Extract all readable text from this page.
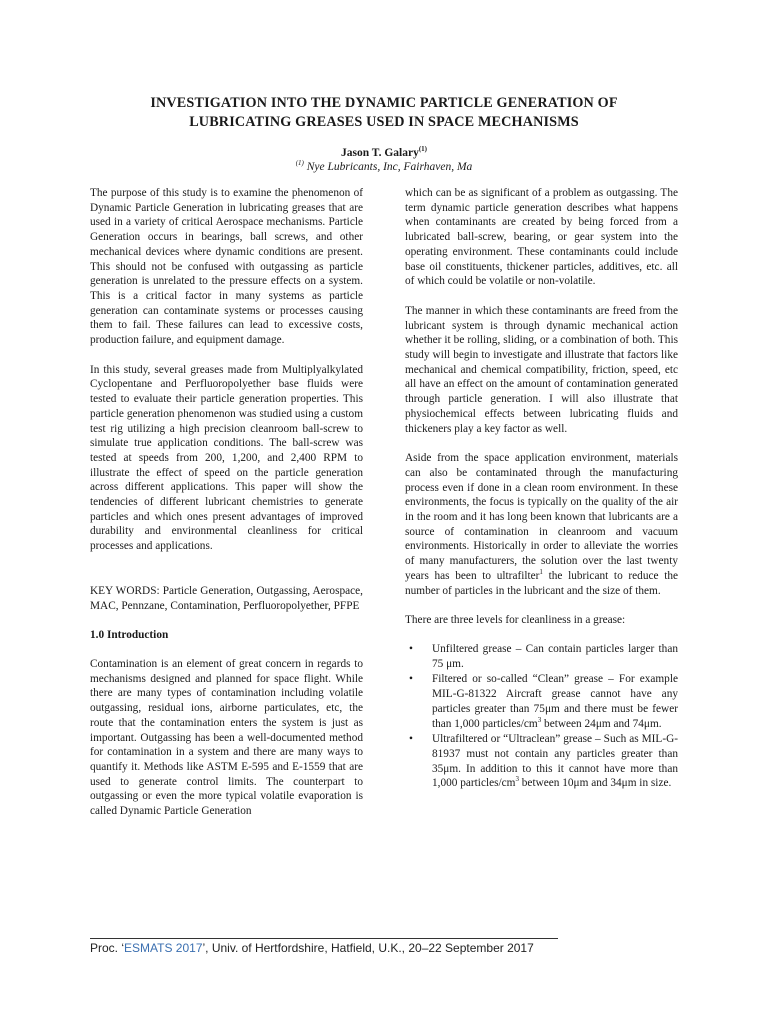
INVESTIGATION INTO THE DYNAMIC PARTICLE GENERATION OF
LUBRICATING GREASES USED IN SPACE MECHANISMS
Jason T. Galary$^{(1)}$
$^{(1)}$ Nye Lubricants, Inc, Fairhaven, Ma

The purpose of this study is to examine the phenomenon of Dynamic Particle Generation in lubricating greases that are used in a variety of critical Aerospace mechanisms. Particle Generation occurs in bearings, ball screws, and other mechanical devices where dynamic conditions are present. This should not be confused with outgassing as particle generation is unrelated to the pressure effects on a system. This is a critical factor in many systems as particle generation can contaminate systems or processes causing them to fail. These failures can lead to excessive costs, production failure, and equipment damage.

In this study, several greases made from Multiplyalkylated Cyclopentane and Perfluoropolyether base fluids were tested to evaluate their particle generation properties. This particle generation phenomenon was studied using a custom test rig utilizing a high precision cleanroom ball-screw to simulate true application conditions. The ball-screw was tested at speeds from 200, 1,200, and 2,400 RPM to illustrate the effect of speed on the particle generation across different applications. This paper will show the tendencies of different lubricant chemistries to generate particles and which ones present advantages of improved durability and environmental cleanliness for critical processes and applications.

KEY WORDS: Particle Generation, Outgassing, Aerospace, MAC, Pennzane, Contamination, Perfluoropolyether, PFPE

1.0 Introduction

Contamination is an element of great concern in regards to mechanisms designed and planned for space flight. While there are many types of contamination including volatile outgassing, residual ions, airborne particulates, etc, the route that the contamination enters the system is just as important. Outgassing has been a well-documented method for contamination in a system and there are many ways to quantify it. Methods like ASTM E-595 and E-1559 that are used to generate control limits. The counterpart to outgassing or even the more typical volatile evaporation is called Dynamic Particle Generation

which can be as significant of a problem as outgassing. The term dynamic particle generation describes what happens when contaminants are created by being forced from a lubricated ball-screw, bearing, or gear system into the operating environment. These contaminants could include base oil constituents, thickener particles, additives, etc. all of which could be volatile or non-volatile.

The manner in which these contaminants are freed from the lubricant system is through dynamic mechanical action whether it be rolling, sliding, or a combination of both. This study will begin to investigate and illustrate that factors like mechanical and chemical compatibility, friction, speed, etc all have an effect on the amount of contamination generated through particle generation. I will also illustrate that physiochemical effects between lubricating fluids and thickeners play a key factor as well.

Aside from the space application environment, materials can also be contaminated through the manufacturing process even if done in a clean room environment. In these environments, the focus is typically on the quality of the air in the room and it has long been known that lubricants are a source of contamination in cleanroom and vacuum environments. Historically in order to alleviate the worries of many manufacturers, the solution over the last twenty years has been to ultrafilter$^1$ the lubricant to reduce the number of particles in the lubricant and the size of them.

There are three levels for cleanliness in a grease:

• Unfiltered grease – Can contain particles larger than 75 μm.
• Filtered or so-called “Clean” grease – For example MIL-G-81322 Aircraft grease cannot have any particles greater than 75μm and there must be fewer than 1,000 particles/$cm^3$ between 24μm and 74μm.
• Ultrafiltered or “Ultraclean” grease – Such as MIL-G-81937 must not contain any particles greater than 35μm. In addition to this it cannot have more than 1,000 particles/$cm^3$ between 10μm and 34μm in size.
Proc. ‘ESMATS 2017’, Univ. of Hertfordshire, Hatfield, U.K., 20–22 September 2017
